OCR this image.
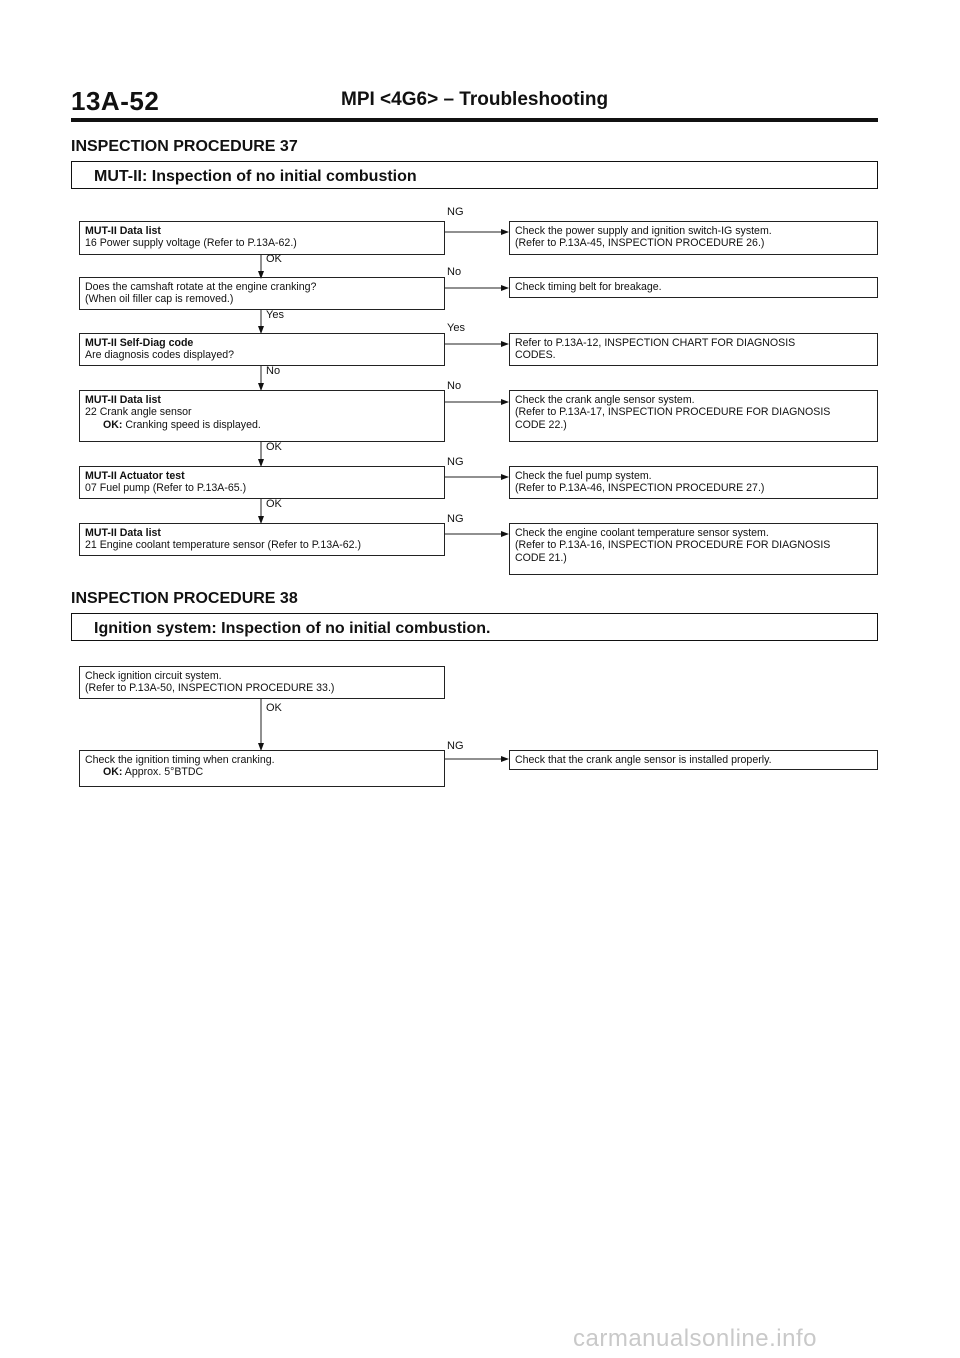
13A-52	MPI <4G6> – Troubleshooting
INSPECTION PROCEDURE 37
MUT-II: Inspection of no initial combustion
MUT-II Data list
16 Power supply voltage (Refer to P.13A-62.)
NG
Check the power supply and ignition switch-IG system.
(Refer to P.13A-45, INSPECTION PROCEDURE 26.)
OK
Does the camshaft rotate at the engine cranking?
(When oil filler cap is removed.)
No
Check timing belt for breakage.
Yes
MUT-II Self-Diag code
Are diagnosis codes displayed?
Yes
Refer to P.13A-12, INSPECTION CHART FOR DIAGNOSIS
CODES.
No
MUT-II Data list
22 Crank angle sensor
OK: Cranking speed is displayed.
No
Check the crank angle sensor system.
(Refer to P.13A-17, INSPECTION PROCEDURE FOR DIAGNOSIS
CODE 22.)
OK
MUT-II Actuator test
07 Fuel pump (Refer to P.13A-65.)
NG
Check the fuel pump system.
(Refer to P.13A-46, INSPECTION PROCEDURE 27.)
OK
MUT-II Data list
21 Engine coolant temperature sensor (Refer to P.13A-62.)
NG
Check the engine coolant temperature sensor system.
(Refer to P.13A-16, INSPECTION PROCEDURE FOR DIAGNOSIS
CODE 21.)
INSPECTION PROCEDURE 38
Ignition system: Inspection of no initial combustion.
Check ignition circuit system.
(Refer to P.13A-50, INSPECTION PROCEDURE 33.)
OK
Check the ignition timing when cranking.
OK: Approx. 5°BTDC
NG
Check that the crank angle sensor is installed properly.
carmanualsonline.info
